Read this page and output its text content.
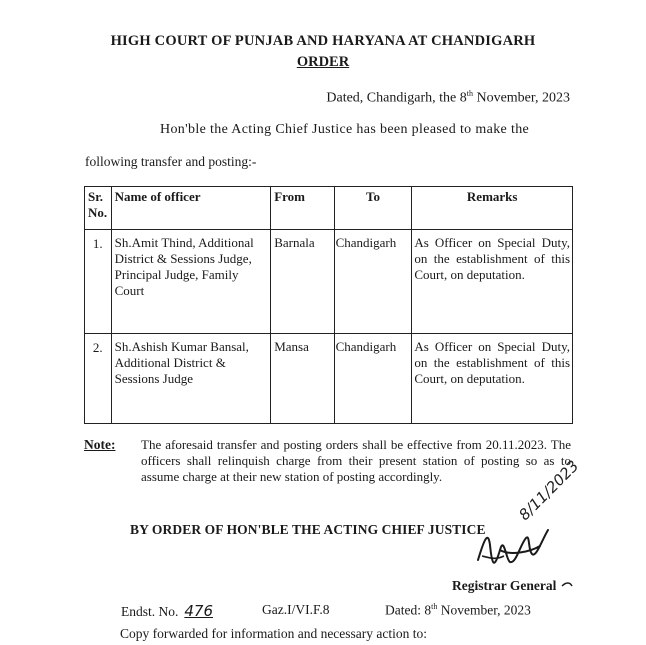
HIGH COURT OF PUNJAB AND HARYANA AT CHANDIGARH
ORDER
Dated, Chandigarh, the 8th November, 2023
Hon'ble the Acting Chief Justice has been pleased to make the
following transfer and posting:-
Sr. No.	Name of officer	From	To	Remarks
1.	Sh.Amit Thind, Additional District & Sessions Judge, Principal Judge, Family Court	Barnala	Chandigarh	As Officer on Special Duty, on the establishment of this
Court, on deputation.

2.	Sh.Ashish Kumar Bansal, Additional District & Sessions Judge	Mansa	Chandigarh	As Officer on Special Duty, on the establishment of this
Court, on deputation.
Note: The aforesaid transfer and posting orders shall be effective from 20.11.2023. The officers shall relinquish charge from their present station of posting so as to assume charge at their new station of posting accordingly.
BY ORDER OF HON'BLE THE ACTING CHIEF JUSTICE
8/11/2023
Registrar General
Endst. No. 476	Gaz.I/VI.F.8	Dated: 8th November, 2023
Copy forwarded for information and necessary action to:
